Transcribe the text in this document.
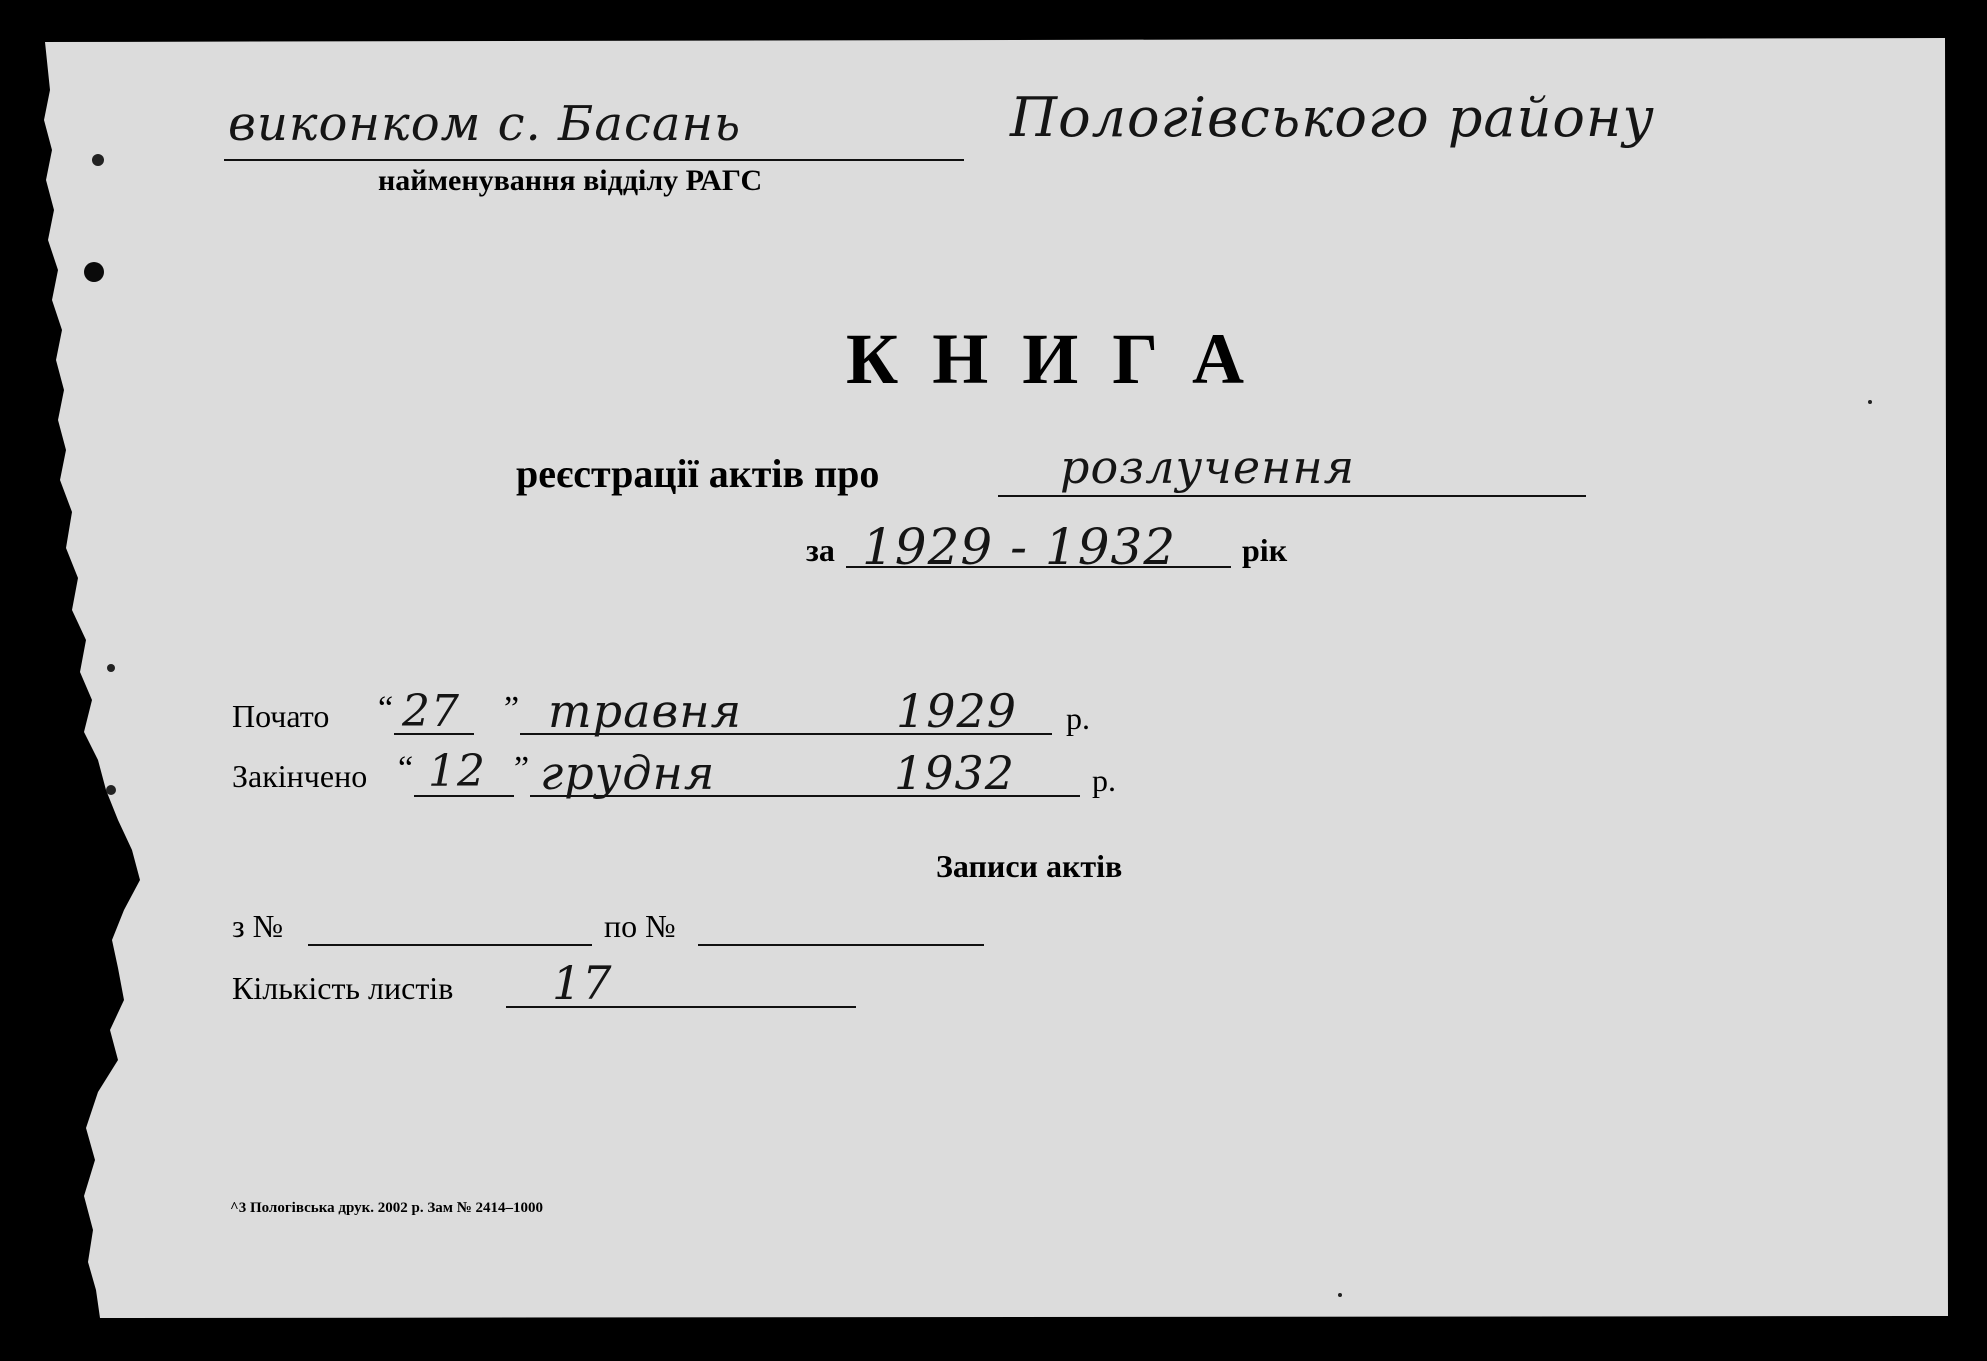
виконком с. Басань	Пологівського району
найменування відділу РАГС
К Н И Г А
реєстрації актів про	розлучення
за 1929 - 1932 рік
Почато “ 27 ” травня	1929 р.
Закінчено “ 12 ” грудня	1932 р.
Записи актів
з №	по №
Кількість листів 17
^3 Пологівська друк. 2002 р. Зам № 2414–1000
